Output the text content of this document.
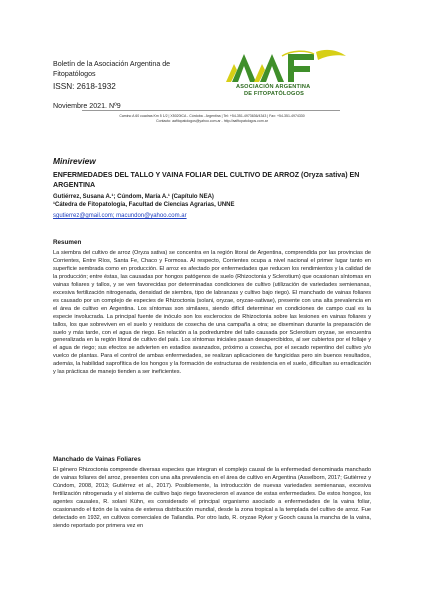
Boletín de la Asociación Argentina de Fitopatólogos
ISSN: 2618-1932
Noviembre 2021. Nº9
ASOCIACIÓN ARGENTINA
DE FITOPATÓLOGOS
Camino A 60 cuadras Km 5 1/2 | X5020ICA - Córdoba - Argentina | Tel: +54-351-4973636/4343 | Fax: +54-351-4974330
Contacto: aafitopatologos@yahoo.com.ar - http://aafitopatologos.com.ar
Minireview
ENFERMEDADES DEL TALLO Y VAINA FOLIAR DEL CULTIVO DE ARROZ (Oryza sativa) EN ARGENTINA
Gutiérrez, Susana A.¹; Cúndom, María A.¹ (Capítulo NEA)
¹Cátedra de Fitopatología, Facultad de Ciencias Agrarias, UNNE
sgutierrez@gmail.com; macundon@yahoo.com.ar
Resumen
La siembra del cultivo de arroz (Oryza sativa) se concentra en la región litoral de Argentina, comprendida por las provincias de Corrientes, Entre Ríos, Santa Fe, Chaco y Formosa. Al respecto, Corrientes ocupa a nivel nacional el primer lugar tanto en superficie sembrada como en producción. El arroz es afectado por enfermedades que reducen los rendimientos y la calidad de la producción; entre éstas, las causadas por hongos patógenos de suelo (Rhizoctonia y Sclerotium) que ocasionan síntomas en vainas foliares y tallos, y se ven favorecidas por determinadas condiciones de cultivo (utilización de variedades semienanas, excesiva fertilización nitrogenada, densidad de siembra, tipo de labranzas y cultivo bajo riego). El manchado de vainas foliares es causado por un complejo de especies de Rhizoctonia (solani, oryzae, oryzae-sativae), presente con una alta prevalencia en el área de cultivo en Argentina. Los síntomas son similares, siendo difícil determinar en condiciones de campo cual es la especie involucrada. La principal fuente de inóculo son los esclerocios de Rhizoctonia sobre las lesiones en vainas foliares y tallos, los que sobreviven en el suelo y residuos de cosecha de una campaña a otra; se diseminan durante la preparación de suelo y más tarde, con el agua de riego. En relación a la podredumbre del tallo causada por Sclerotium oryzae, se encuentra generalizada en la región litoral de cultivo del país. Los síntomas iniciales pasan desapercibidos, al ser cubiertos por el follaje y el agua de riego; sus efectos se advierten en estadios avanzados, próximo a cosecha, por el secado repentino del cultivo y/o vuelco de plantas. Para el control de ambas enfermedades, se realizan aplicaciones de fungicidas pero sin buenos resultados, además, la habilidad saprofítica de los hongos y la formación de estructuras de resistencia en el suelo, dificultan su erradicación y las prácticas de manejo tienden a ser ineficientes.
Manchado de Vainas Foliares
El género Rhizoctonia comprende diversas especies que integran el complejo causal de la enfermedad denominada manchado de vainas foliares del arroz, presentes con una alta prevalencia en el área de cultivo en Argentina (Asselborn, 2017; Gutiérrez y Cúndom, 2008, 2013; Gutiérrez et al., 2017). Posiblemente, la introducción de nuevas variedades semienanas, excesiva fertilización nitrogenada y el sistema de cultivo bajo riego favorecieron el avance de estas enfermedades. De estos hongos, los agentes causales, R. solani Kühn, es considerado el principal organismo asociado a enfermedades de la vaina foliar, ocasionando el tizón de la vaina de extensa distribución mundial, desde la zona tropical a la templada del cultivo de arroz. Fue detectado en 1932, en cultivos comerciales de Tailandia. Por otro lado, R. oryzae Ryker y Gooch causa la mancha de la vaina, siendo reportado por primera vez en
